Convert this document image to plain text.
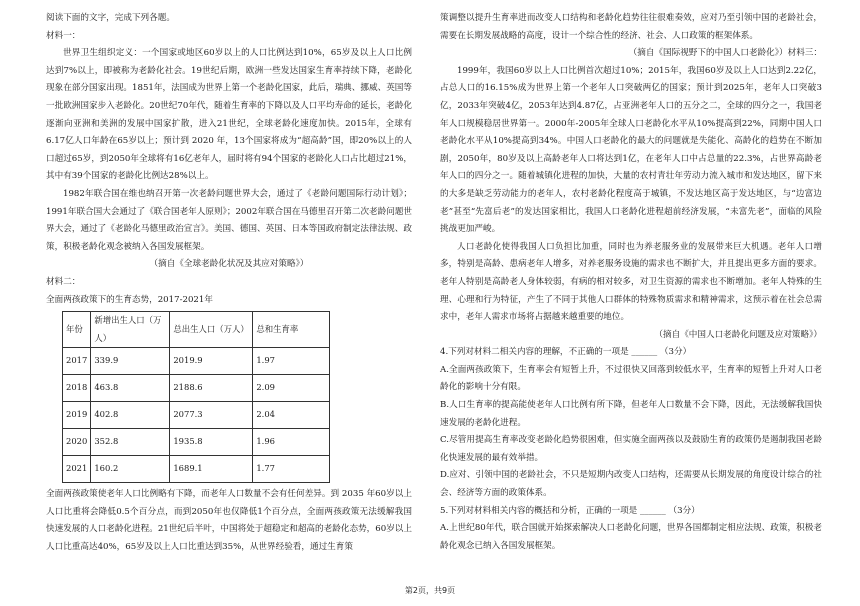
阅读下面的文字，完成下列各题。

材料一：

世界卫生组织定义：一个国家或地区60岁以上的人口比例达到10%，65岁及以上人口比例达到7%以上，即被称为老龄化社会。19世纪后期，欧洲一些发达国家生育率持续下降，老龄化现象在部分国家出现。1851年，法国成为世界上第一个老龄化国家，此后，瑞典、挪威、英国等一批欧洲国家步入老龄化。20世纪70年代，随着生育率的下降以及人口平均寿命的延长，老龄化逐渐向亚洲和美洲的发展中国家扩散，进入21世纪，全球老龄化速度加快。2015年，全球有6.17亿人口年龄在65岁以上；预计到 2020 年，13个国家将成为“超高龄”国，即20%以上的人口超过65岁，到2050年全球将有16亿老年人，届时将有94个国家的老龄化人口占比超过21%，其中有39个国家的老龄化比例达28%以上。

1982年联合国在维也纳召开第一次老龄问题世界大会，通过了《老龄问题国际行动计划》；1991年联合国大会通过了《联合国老年人原则》；2002年联合国在马德里召开第二次老龄问题世界大会，通过了《老龄化马德里政治宣言》。美国、德国、英国、日本等国政府制定法律法规、政策，积极老龄化观念被纳入各国发展框架。

（摘自《全球老龄化状况及其应对策略》）

材料二：

全面两孩政策下的生育态势，2017-2021年

年份	新增出生人口（万人）	总出生人口（万人）	总和生育率
2017	339.9	2019.9	1.97
2018	463.8	2188.6	2.09
2019	402.8	2077.3	2.04
2020	352.8	1935.8	1.96
2021	160.2	1689.1	1.77

全面两孩政策使老年人口比例略有下降，而老年人口数量不会有任何差异。到 2035 年60岁以上人口比重将会降低0.5个百分点，而到2050年也仅降低1个百分点，全面两孩政策无法缓解我国快速发展的人口老龄化进程。21世纪后半叶，中国将处于超稳定和超高的老龄化态势，60岁以上人口比重高达40%，65岁及以上人口比重达到35%，从世界经验看，通过生育策

策调整以提升生育率进而改变人口结构和老龄化趋势往往很难奏效，应对乃至引领中国的老龄社会，需要在长期发展战略的高度，设计一个综合性的经济、社会、人口政策的框架体系。

（摘自《国际视野下的中国人口老龄化》）材料三：

1999年，我国60岁以上人口比例首次超过10%；2015年，我国60岁及以上人口达到2.22亿，占总人口的16.15%成为世界上第一个老年人口突破两亿的国家；预计到2025年，老年人口突破3亿，2033年突破4亿，2053年达到4.87亿，占亚洲老年人口的五分之二，全球的四分之一，我国老年人口规模稳居世界第一。2000年-2005年全球人口老龄化水平从10%提高到22%，同期中国人口老龄化水平从10%提高到34%。中国人口老龄化的最大的问题就是失能化、高龄化的趋势在不断加剧，2050年，80岁及以上高龄老年人口将达到1亿，在老年人口中占总量的22.3%，占世界高龄老年人口的四分之一。随着城镇化进程的加快，大量的农村青壮年劳动力流入城市和发达地区，留下来的大多是缺乏劳动能力的老年人，农村老龄化程度高于城镇，不发达地区高于发达地区，与“边富边老”甚至“先富后老”的发达国家相比，我国人口老龄化进程超前经济发展，“未富先老”，面临的风险挑战更加严峻。

人口老龄化使得我国人口负担比加重，同时也为养老服务业的发展带来巨大机遇。老年人口增多，特别是高龄、患病老年人增多，对养老服务设施的需求也不断扩大，并且提出更多方面的要求。老年人特别是高龄老人身体较弱，有病的相对较多，对卫生资源的需求也不断增加。老年人特殊的生理、心理和行为特征，产生了不同于其他人口群体的特殊物质需求和精神需求，这预示着在社会总需求中，老年人需求市场将占据越来越重要的地位。

（摘自《中国人口老龄化问题及应对策略》）

4.下列对材料二相关内容的理解，不正确的一项是 ______ （3分）

A.全面两孩政策下，生育率会有短暂上升，不过很快又回落到较低水平，生育率的短暂上升对人口老龄化的影响十分有限。

B.人口生育率的提高能使老年人口比例有所下降，但老年人口数量不会下降，因此，无法缓解我国快速发展的老龄化进程。

C.尽管用提高生育率改变老龄化趋势很困难，但实施全面两孩以及鼓励生育的政策仍是遏制我国老龄化快速发展的最有效举措。

D.应对、引领中国的老龄社会，不只是短期内改变人口结构，还需要从长期发展的角度设计综合的社会、经济等方面的政策体系。

5.下列对材料相关内容的概括和分析，正确的一项是 ______ （3分）

A.上世纪80年代，联合国就开始探索解决人口老龄化问题，世界各国都制定相应法规、政策，积极老龄化观念已纳入各国发展框架。

第2页，共9页
